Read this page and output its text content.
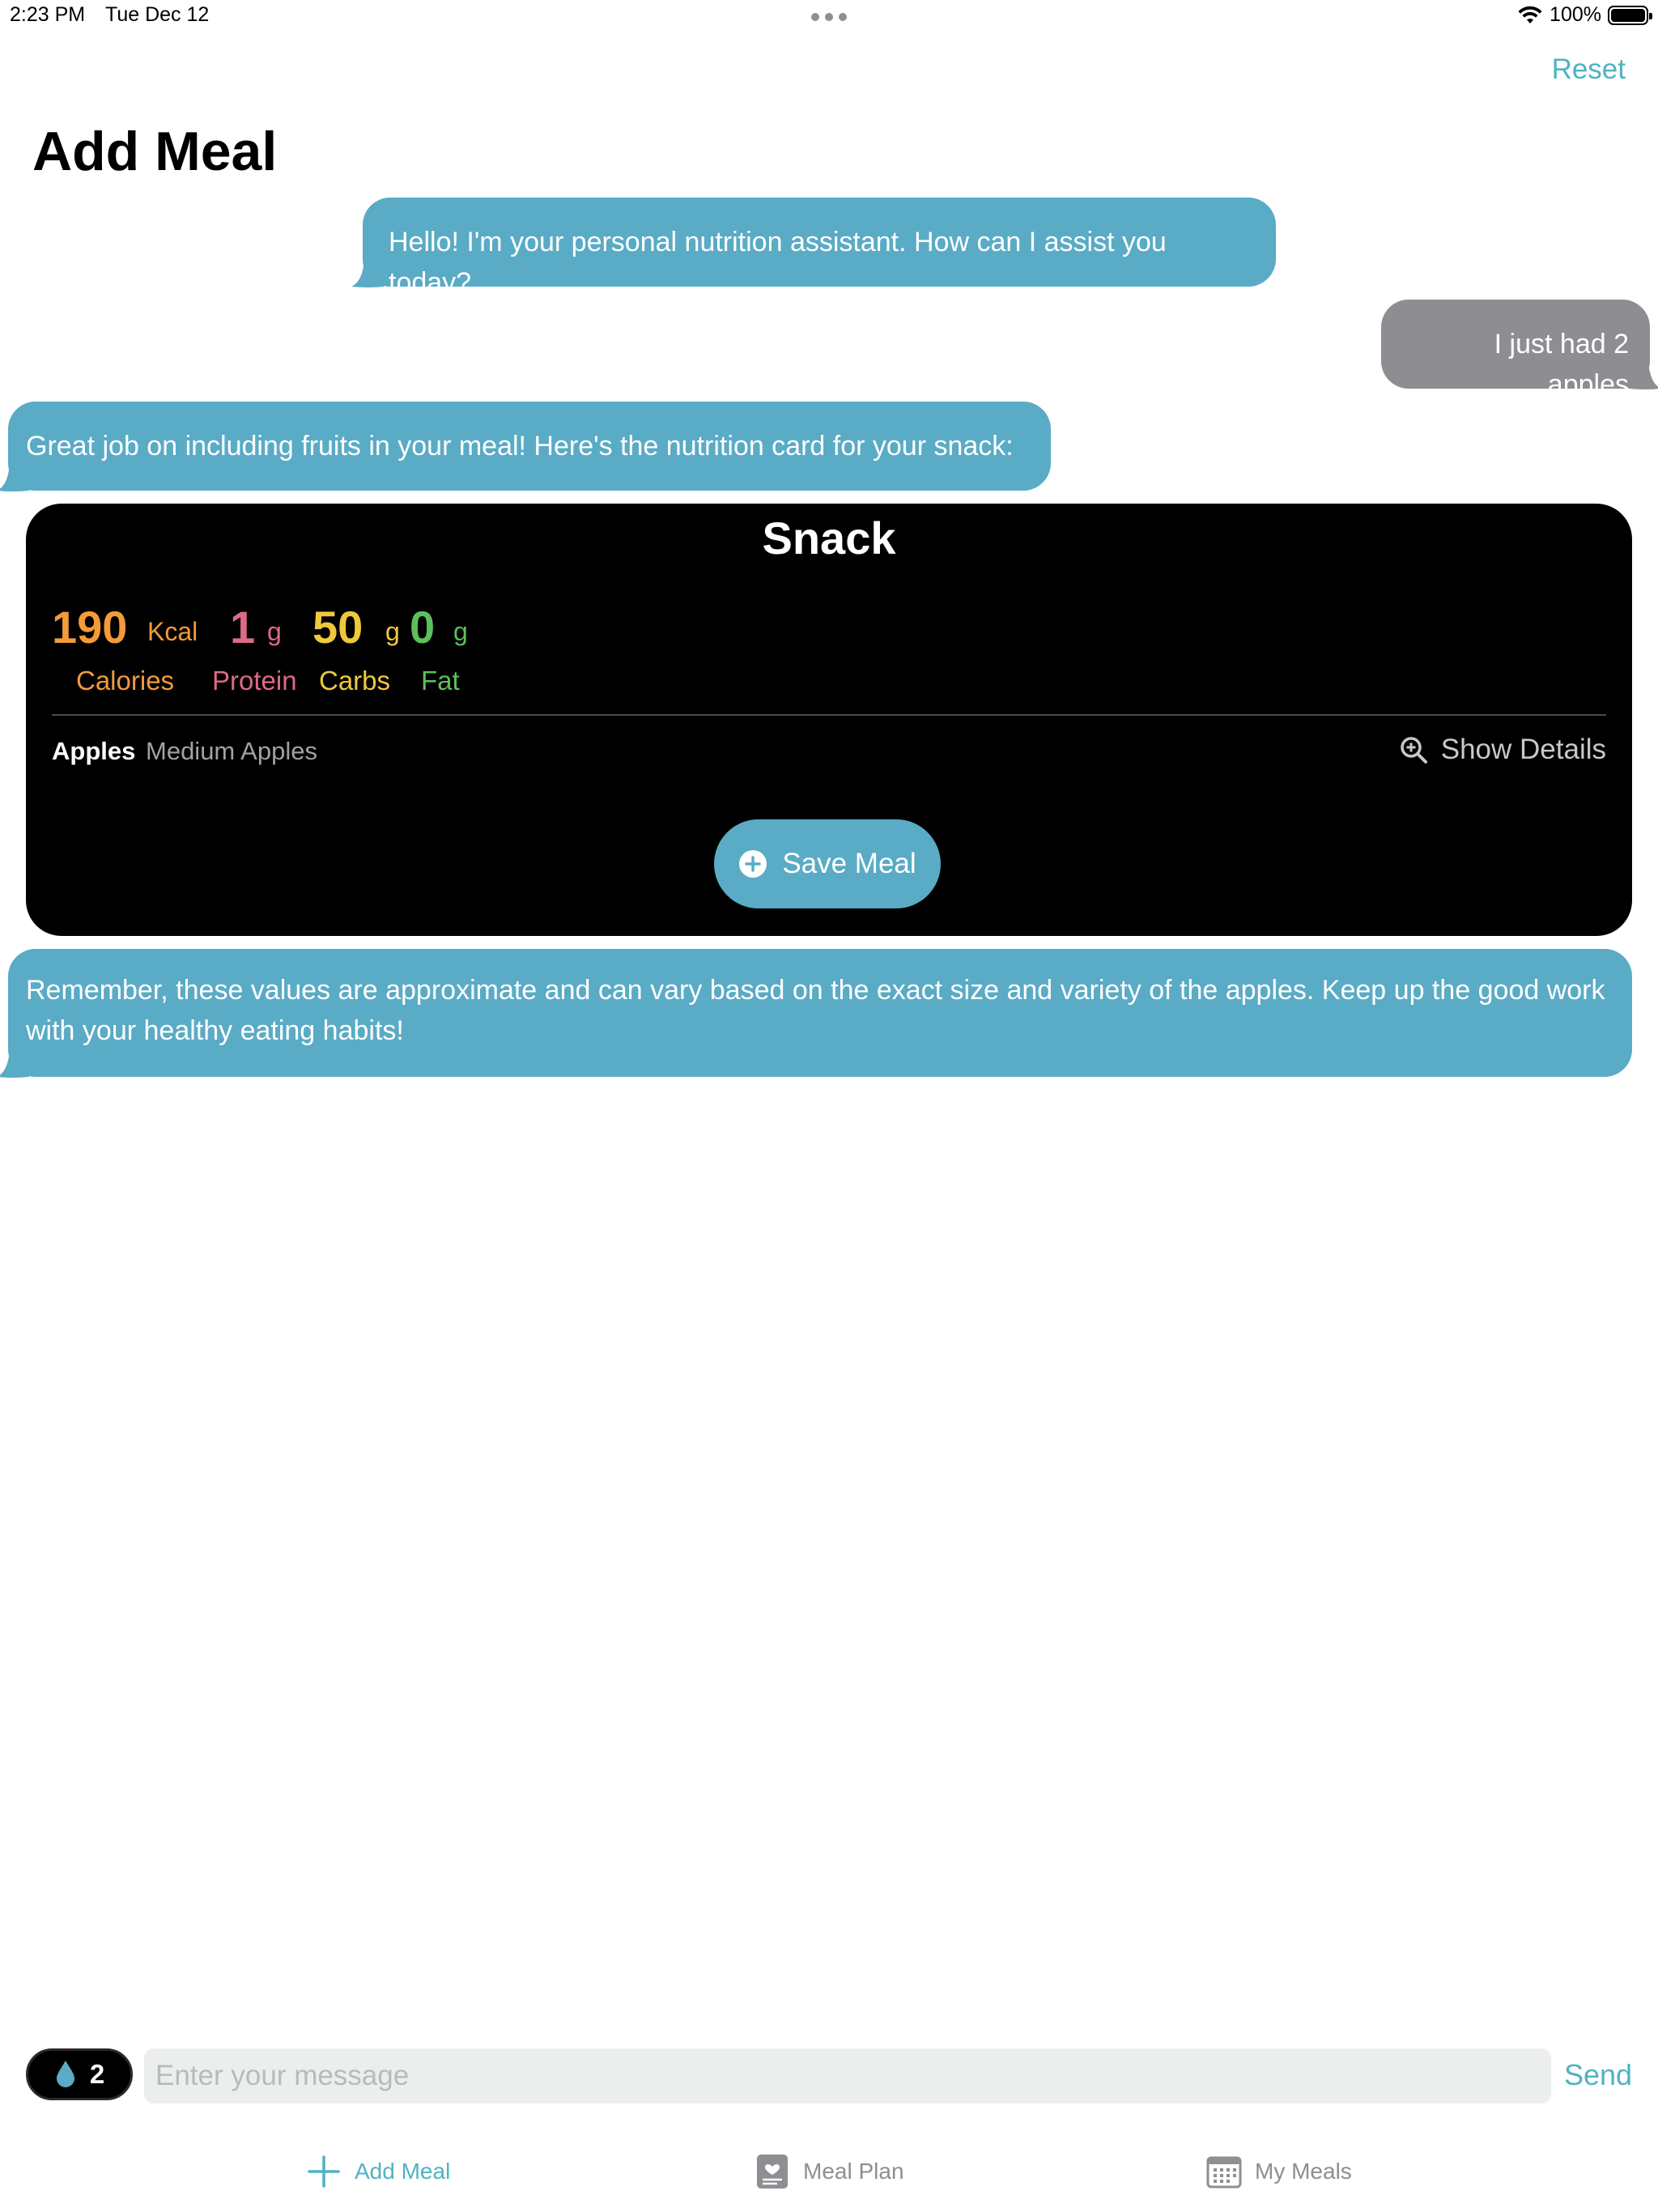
2:23 PM Tue Dec 12	100%
Reset
Add Meal
Hello! I'm your personal nutrition assistant. How can I assist you today?
I just had 2 apples
Great job on including fruits in your meal! Here's the nutrition card for your snack:
Snack
190 Kcal
Calories
1 g
Protein
50 g
Carbs
0 g
Fat
Apples Medium Apples	Show Details
Save Meal
Remember, these values are approximate and can vary based on the exact size and variety of the apples. Keep up the good work with your healthy eating habits!
2
Enter your message	Send
Add Meal	Meal Plan	My Meals
